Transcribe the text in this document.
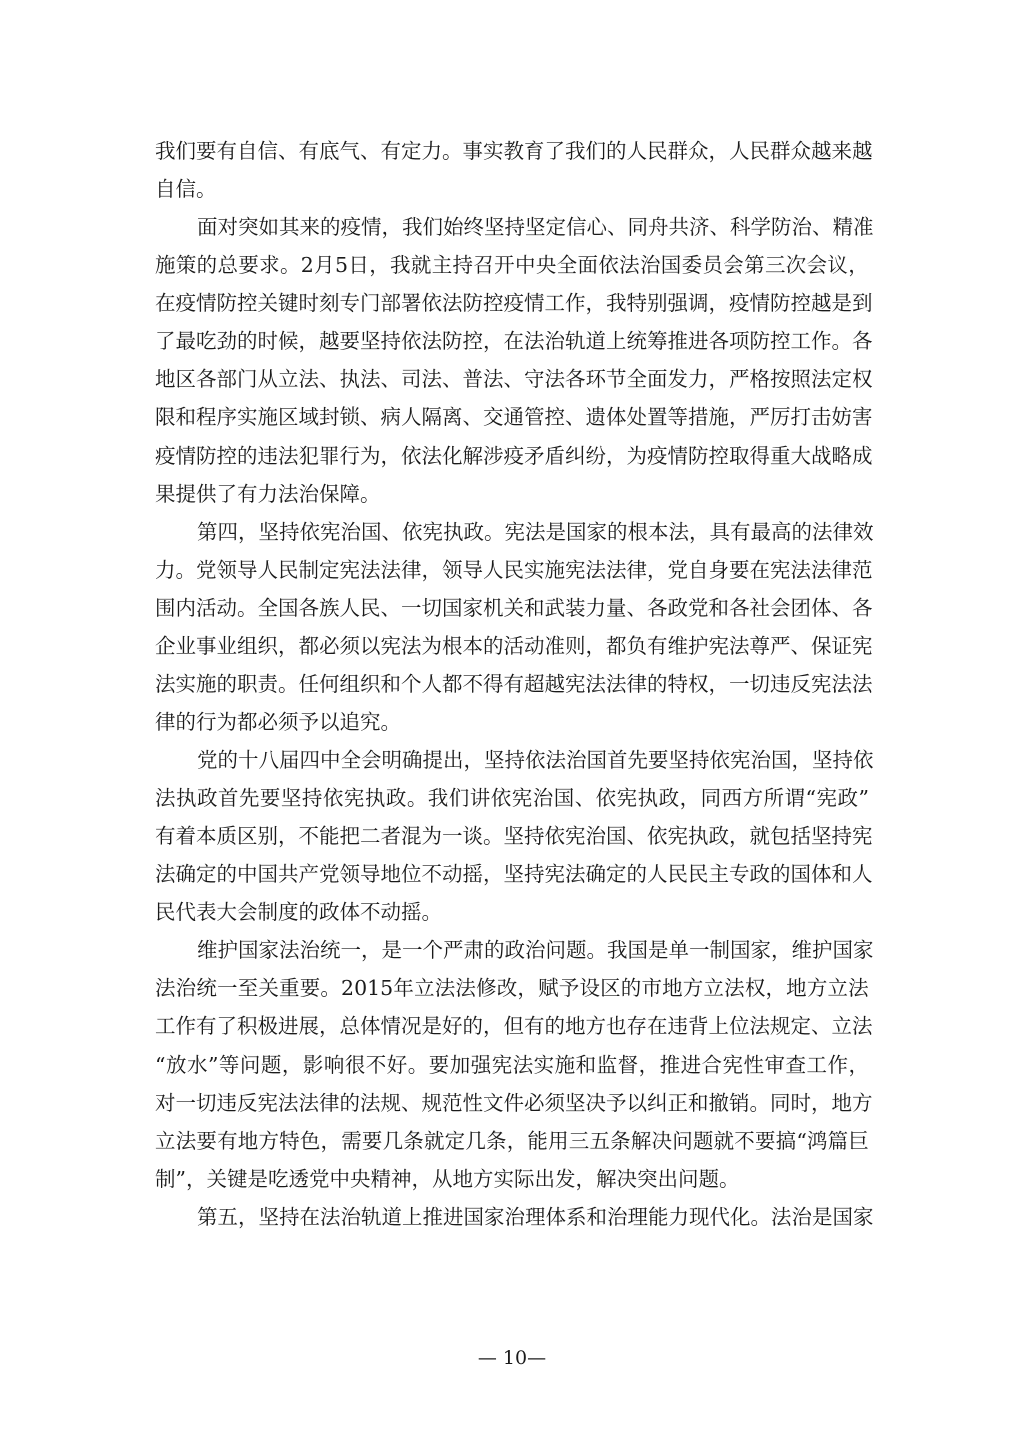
我 们 要 有 自 信 、 有 底 气 、 有 定 力 。 事 实 教 育 了 我 们 的 人 民 群 众 ， 人 民 群 众 越 来 越
自信。
面 对 突 如 其 来 的 疫 情 ， 我 们 始 终 坚 持 坚 定 信 心 、 同 舟 共 济 、 科 学 防 治 、 精 准
施 策 的 总 要 求 。 2 月 5 日 ， 我 就 主 持 召 开 中 央 全 面 依 法 治 国 委 员 会 第 三 次 会 议 ，
在 疫 情 防 控 关 键 时 刻 专 门 部 署 依 法 防 控 疫 情 工 作 ， 我 特 别 强 调 ， 疫 情 防 控 越 是 到
了 最 吃 劲 的 时 候 ， 越 要 坚 持 依 法 防 控 ， 在 法 治 轨 道 上 统 筹 推 进 各 项 防 控 工 作 。 各
地 区 各 部 门 从 立 法 、 执 法 、 司 法 、 普 法 、 守 法 各 环 节 全 面 发 力 ， 严 格 按 照 法 定 权
限 和 程 序 实 施 区 域 封 锁 、 病 人 隔 离 、 交 通 管 控 、 遗 体 处 置 等 措 施 ， 严 厉 打 击 妨 害
疫 情 防 控 的 违 法 犯 罪 行 为 ， 依 法 化 解 涉 疫 矛 盾 纠 纷 ， 为 疫 情 防 控 取 得 重 大 战 略 成
果提供了有力法治保障。
第 四 ， 坚 持 依 宪 治 国 、 依 宪 执 政 。 宪 法 是 国 家 的 根 本 法 ， 具 有 最 高 的 法 律 效
力 。 党 领 导 人 民 制 定 宪 法 法 律 ， 领 导 人 民 实 施 宪 法 法 律 ， 党 自 身 要 在 宪 法 法 律 范
围 内 活 动 。 全 国 各 族 人 民 、 一 切 国 家 机 关 和 武 装 力 量 、 各 政 党 和 各 社 会 团 体 、 各
企 业 事 业 组 织 ， 都 必 须 以 宪 法 为 根 本 的 活 动 准 则 ， 都 负 有 维 护 宪 法 尊 严 、 保 证 宪
法 实 施 的 职 责 。 任 何 组 织 和 个 人 都 不 得 有 超 越 宪 法 法 律 的 特 权 ， 一 切 违 反 宪 法 法
律的行为都必须予以追究。
党 的 十 八 届 四 中 全 会 明 确 提 出 ， 坚 持 依 法 治 国 首 先 要 坚 持 依 宪 治 国 ， 坚 持 依
法 执 政 首 先 要 坚 持 依 宪 执 政 。 我 们 讲 依 宪 治 国 、 依 宪 执 政 ， 同 西 方 所 谓 “ 宪 政 ”
有 着 本 质 区 别 ， 不 能 把 二 者 混 为 一 谈 。 坚 持 依 宪 治 国 、 依 宪 执 政 ， 就 包 括 坚 持 宪
法 确 定 的 中 国 共 产 党 领 导 地 位 不 动 摇 ， 坚 持 宪 法 确 定 的 人 民 民 主 专 政 的 国 体 和 人
民代表大会制度的政体不动摇。
维 护 国 家 法 治 统 一 ， 是 一 个 严 肃 的 政 治 问 题 。 我 国 是 单 一 制 国 家 ， 维 护 国 家
法 治 统 一 至 关 重 要 。 2015 年 立 法 法 修 改 ， 赋 予 设 区 的 市 地 方 立 法 权 ， 地 方 立 法
工 作 有 了 积 极 进 展 ， 总 体 情 况 是 好 的 ， 但 有 的 地 方 也 存 在 违 背 上 位 法 规 定 、 立 法
“ 放 水 ” 等 问 题 ， 影 响 很 不 好 。 要 加 强 宪 法 实 施 和 监 督 ， 推 进 合 宪 性 审 查 工 作 ，
对 一 切 违 反 宪 法 法 律 的 法 规 、 规 范 性 文 件 必 须 坚 决 予 以 纠 正 和 撤 销 。 同 时 ， 地 方
立 法 要 有 地 方 特 色 ， 需 要 几 条 就 定 几 条 ， 能 用 三 五 条 解 决 问 题 就 不 要 搞 “ 鸿 篇 巨
制”，关键是吃透党中央精神，从地方实际出发，解决突出问题。
第 五 ， 坚 持 在 法 治 轨 道 上 推 进 国 家 治 理 体 系 和 治 理 能 力 现 代 化 。 法 治 是 国 家
— 10—
